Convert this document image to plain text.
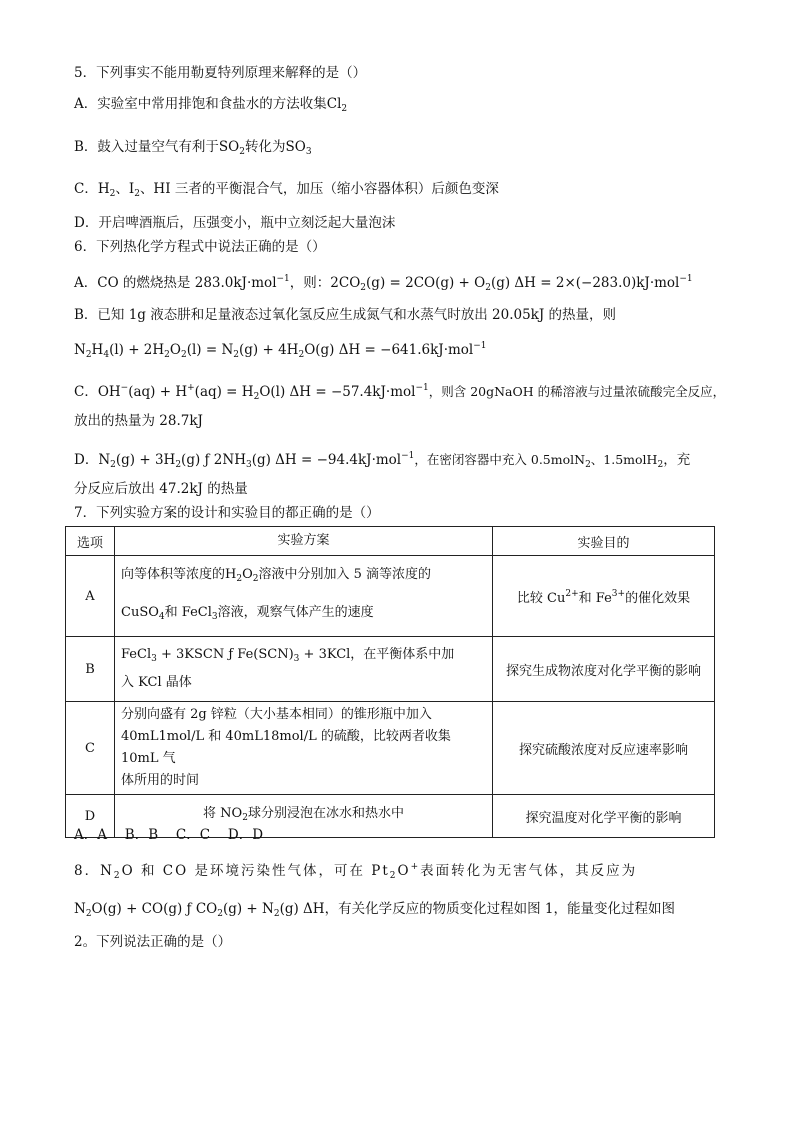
5．下列事实不能用勒夏特列原理来解释的是（）
A．实验室中常用排饱和食盐水的方法收集$Cl_2$
B．鼓入过量空气有利于$SO_2$转化为$SO_3$
C．$H_2$、$I_2$、HI 三者的平衡混合气，加压（缩小容器体积）后颜色变深
D．开启啤酒瓶后，压强变小，瓶中立刻泛起大量泡沫
6．下列热化学方程式中说法正确的是（）
A．CO 的燃烧热是 283.0kJ·mol$^{-1}$，则：$2CO_2(g) = 2CO(g) + O_2(g) \Delta H = 2\times(-283.0)kJ\cdot mol^{-1}$
B．已知 1g 液态肼和足量液态过氧化氢反应生成氮气和水蒸气时放出 20.05kJ 的热量，则
$N_2H_4(l) + 2H_2O_2(l) = N_2(g) + 4H_2O(g) \Delta H = -641.6kJ\cdot mol^{-1}$
C．$OH^-(aq) + H^+(aq) = H_2O(l) \Delta H = -57.4kJ\cdot mol^{-1}$，则含 20gNaOH 的稀溶液与过量浓硫酸完全反应，
放出的热量为 28.7kJ
D．$N_2(g) + 3H_2(g)$ ƒ $2NH_3(g) \Delta H = -94.4kJ\cdot mol^{-1}$，在密闭容器中充入 0.5molN$_2$、1.5molH$_2$，充
分反应后放出 47.2kJ 的热量
7．下列实验方案的设计和实验目的都正确的是（）
选项	实验方案	实验目的
A	向等体积等浓度的$H_2O_2$溶液中分别加入 5 滴等浓度的
CuSO$_4$和 FeCl$_3$溶液，观察气体产生的速度	比较 $Cu^{2+}$和 $Fe^{3+}$的催化效果
B	FeCl$_3$ + 3KSCN ƒ $Fe(SCN)_3 + 3KCl$，在平衡体系中加
入 KCl 晶体	探究生成物浓度对化学平衡的影响
C	分别向盛有 2g 锌粒（大小基本相同）的锥形瓶中加入
40mL1mol/L 和 40mL18mol/L 的硫酸，比较两者收集 10mL 气
体所用的时间	探究硫酸浓度对反应速率影响
D	将 $NO_2$球分别浸泡在冰水和热水中	探究温度对化学平衡的影响
A．A　 B．B　 C．C　 D．D
8．$N_2O$ 和 CO 是环境污染性气体，可在 $Pt_2O^+$表面转化为无害气体，其反应为
$N_2O(g) + CO(g)$ ƒ $CO_2(g) + N_2(g)$ ΔH，有关化学反应的物质变化过程如图 1，能量变化过程如图
2。下列说法正确的是（）
